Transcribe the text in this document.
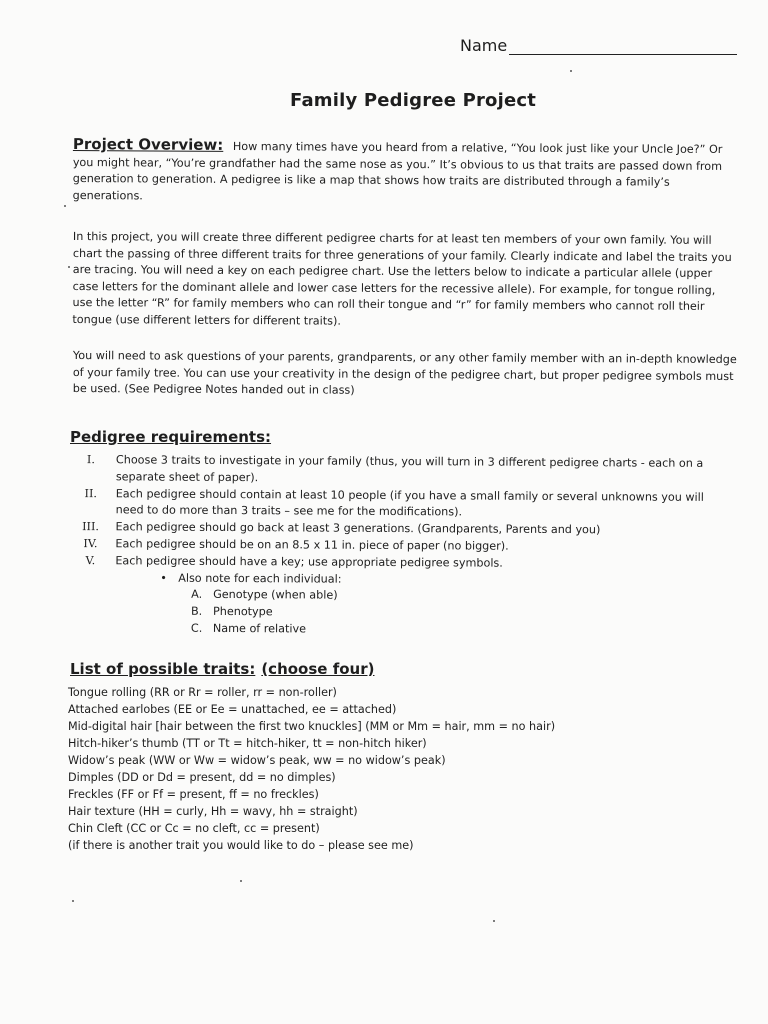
Name
Family Pedigree Project
Project Overview: How many times have you heard from a relative, “You look just like your Uncle Joe?” Or you might hear, “You’re grandfather had the same nose as you.” It’s obvious to us that traits are passed down from generation to generation. A pedigree is like a map that shows how traits are distributed through a family’s generations.
In this project, you will create three different pedigree charts for at least ten members of your own family. You will chart the passing of three different traits for three generations of your family. Clearly indicate and label the traits you are tracing. You will need a key on each pedigree chart. Use the letters below to indicate a particular allele (upper case letters for the dominant allele and lower case letters for the recessive allele). For example, for tongue rolling, use the letter “R” for family members who can roll their tongue and “r” for family members who cannot roll their tongue (use different letters for different traits).
You will need to ask questions of your parents, grandparents, or any other family member with an in-depth knowledge of your family tree. You can use your creativity in the design of the pedigree chart, but proper pedigree symbols must be used. (See Pedigree Notes handed out in class)
Pedigree requirements:
I.	Choose 3 traits to investigate in your family (thus, you will turn in 3 different pedigree charts - each on a separate sheet of paper).
II.	Each pedigree should contain at least 10 people (if you have a small family or several unknowns you will need to do more than 3 traits – see me for the modifications).
III.	Each pedigree should go back at least 3 generations. (Grandparents, Parents and you)
IV.	Each pedigree should be on an 8.5 x 11 in. piece of paper (no bigger).
V.	Each pedigree should have a key; use appropriate pedigree symbols.
• Also note for each individual:
A. Genotype (when able)
B. Phenotype
C. Name of relative
List of possible traits: (choose four)
Tongue rolling (RR or Rr = roller, rr = non-roller)
Attached earlobes (EE or Ee = unattached, ee = attached)
Mid-digital hair [hair between the first two knuckles] (MM or Mm = hair, mm = no hair)
Hitch-hiker’s thumb (TT or Tt = hitch-hiker, tt = non-hitch hiker)
Widow’s peak (WW or Ww = widow’s peak, ww = no widow’s peak)
Dimples (DD or Dd = present, dd = no dimples)
Freckles (FF or Ff = present, ff = no freckles)
Hair texture (HH = curly, Hh = wavy, hh = straight)
Chin Cleft (CC or Cc = no cleft, cc = present)
(if there is another trait you would like to do – please see me)
